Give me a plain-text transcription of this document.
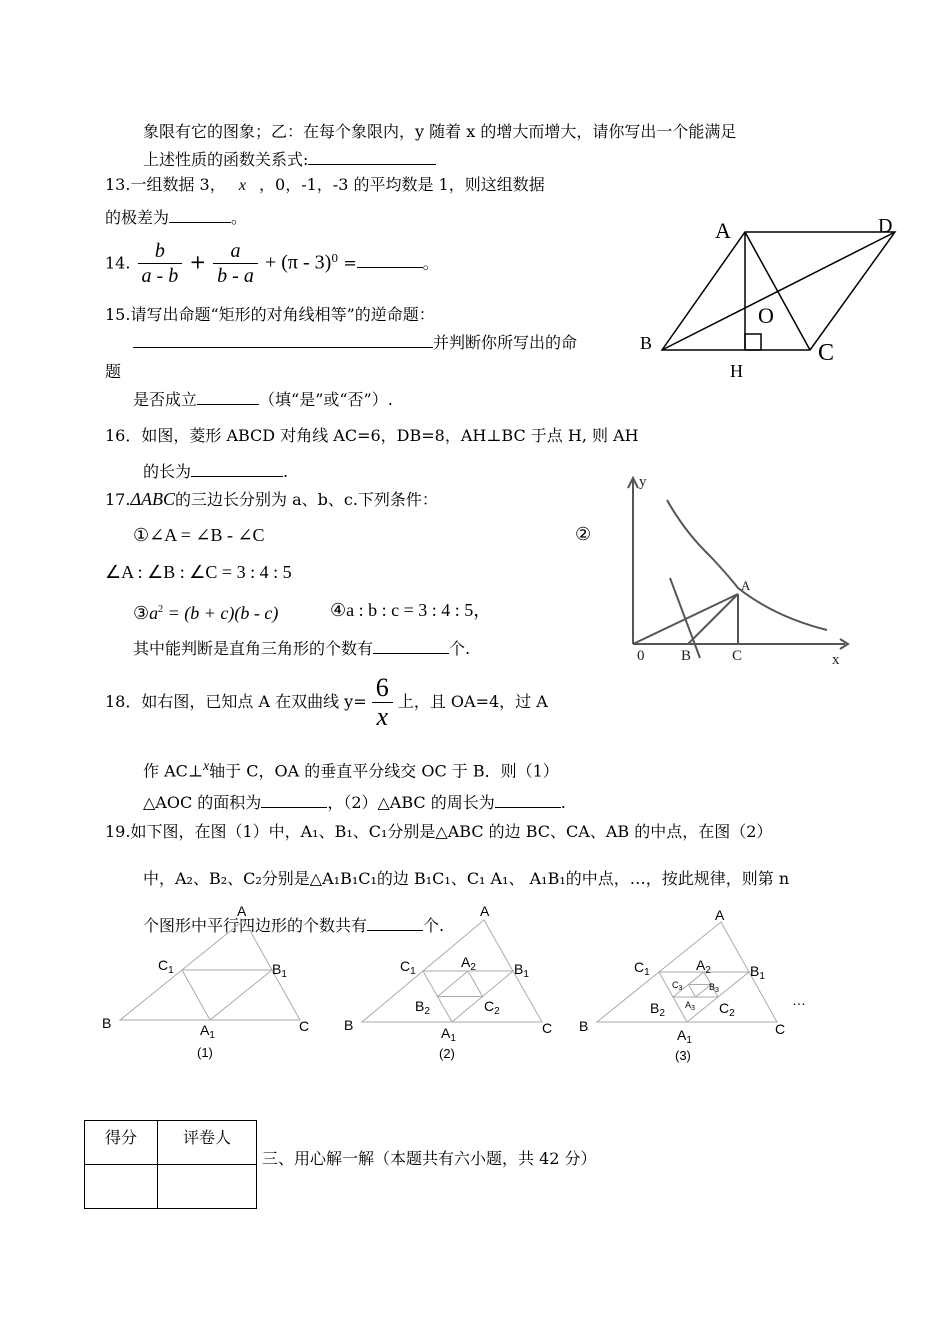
象限有它的图象；乙：在每个象限内，y 随着 x 的增大而增大，请你写出一个能满足
上述性质的函数关系式:
13.一组数据 3， x ，0，-1，-3 的平均数是 1，则这组数据
的极差为	。
14. $\frac{b}{a - b} + \frac{a}{b - a} + (\pi - 3)^0$ =	。
15.请写出命题“矩形的对角线相等”的逆命题：
并判断你所写出的命
题
是否成立	（填“是”或“否”）.
16．如图，菱形 ABCD 对角线 AC=6，DB=8，AH⊥BC 于点 H, 则 AH
的长为	.
A	D
B	C
O
H
17.ΔABC的三边长分别为 a、b、c.下列条件：
①∠A = ∠B - ∠C	②
∠A : ∠B : ∠C = 3 : 4 : 5
$③a^2 = (b + c)(b - c)$	④a : b : c = 3 : 4 : 5，
其中能判断是直角三角形的个数有	个.
y
x
0
A
B	C
18．如右图，已知点 A 在双曲线 $y= \frac{6}{x}$ 上，且 OA=4，过 A
作 AC⊥$^x$轴于 C，OA 的垂直平分线交 OC 于 B．则（1）
△AOC 的面积为	，（2）△ABC 的周长为	.
19.如下图，在图（1）中，A₁、B₁、C₁分别是△ABC 的边 BC、CA、AB 的中点，在图（2）
中，A₂、B₂、C₂分别是△A₁B₁C₁的边 B₁C₁、C₁ A₁、 A₁B₁的中点，…，按此规律，则第 n
个图形中平行四边形的个数共有	个.
A
B	C
$C_1$	$B_1$
$A_1$
(1)
A
B	C
$C_1$	$B_1$
$A_1$
$A_2$
$B_2$	$C_2$
(2)
A
B	C
$C_1$	$B_1$
$A_1$
$A_2$
$B_2$	$C_2$
$C_3$	$B_3$
$A_3$
…
(3)
得分	评卷人

三、用心解一解（本题共有六小题，共 42 分）
